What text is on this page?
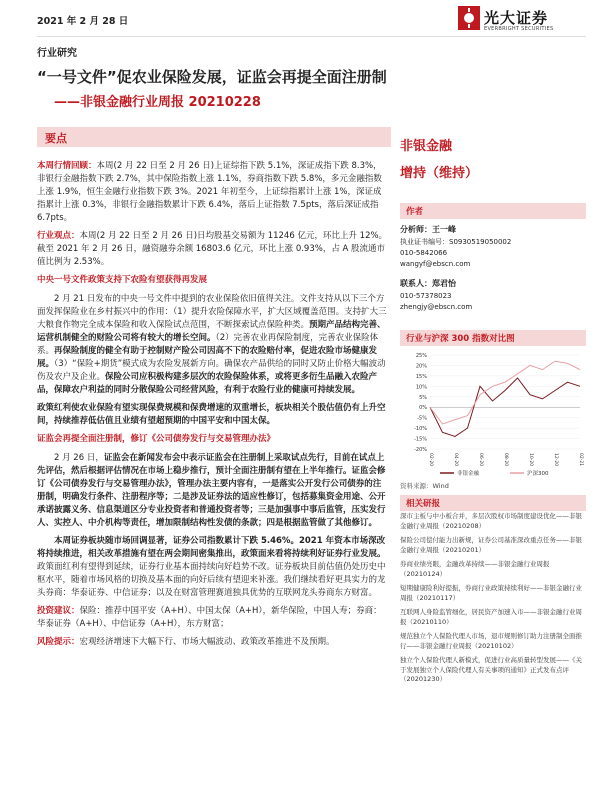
2021 年 2 月 28 日	光大证券
EVERBRIGHT SECURITIES
行业研究
“一号文件”促农业保险发展，证监会再提全面注册制
——非银金融行业周报 20210228
要点

本周行情回顾：本周(2 月 22 日至 2 月 26 日)上证综指下跌 5.1%，深证成指下跌 8.3%，非银行金融指数下跌 2.7%，其中保险指数上涨 1.1%，券商指数下跌 5.8%，多元金融指数上涨 1.9%，恒生金融行业指数下跌 3%。2021 年初至今，上证综指累计上涨 1%，深证成指累计上涨 0.3%，非银行金融指数累计下跌 6.4%，落后上证指数 7.5pts，落后深证成指 6.7pts。

行业观点：本周(2 月 22 日至 2 月 26 日)日均股基交易额为 11246 亿元，环比上升 12%。截至 2021 年 2 月 26 日，融资融券余额 16803.6 亿元，环比上涨 0.93%，占 A 股流通市值比例为 2.53%。

中央一号文件政策支持下农险有望获得再发展

2 月 21 日发布的中央一号文件中提到的农业保险依旧值得关注。文件支持从以下三个方面发挥保险业在乡村振兴中的作用：（1）提升农险保障水平，扩大区域覆盖范围。支持扩大三大粮食作物完全成本保险和收入保险试点范围，不断探索试点保险种类。预期产品结构完善、运营机制健全的财险公司将有较大的增长空间。（2）完善农业再保险制度，完善农业保险体系。再保险制度的健全有助于控制财产险公司因高不下的农险赔付率，促进农险市场健康发展。（3）“保险+期货”模式成为农险发展新方向。确保农产品供给的同时又防止价格大幅波动伤及农户及企业。保险公司应积极构建多层次的农险保险体系，或将更多衍生品融入农险产品，保障农户利益的同时分散保险公司经营风险，有利于农险行业的健康可持续发展。

政策红利使农业保险有望实现保费规模和保费增速的双重增长，板块相关个股估值仍有上升空间，持续推荐低估值且业绩有望超预期的中国平安和中国太保。

证监会再提全面注册制，修订《公司债券发行与交易管理办法》

2 月 26 日，证监会在新闻发布会中表示证监会在注册制上采取试点先行，目前在试点上先评估，然后根据评估情况在市场上稳步推行，预计全面注册制有望在上半年推行。证监会修订《公司债券发行与交易管理办法》，管理办法主要内容有，一是落实公开发行公司债券的注册制，明确发行条件、注册程序等；二是涉及证券法的适应性修订，包括募集资金用途、公开承诺披露义务、信息渠道区分专业投资者和普通投资者等；三是加强事中事后监管，压实发行人、实控人、中介机构等责任，增加限制结构性发债的条款；四是根据监管做了其他修订。

本周证券板块随市场回调显著，证券公司指数累计下跌 5.46%。2021 年资本市场深改将持续推进，相关改革措施有望在两会期间密集推出，政策面来看将持续利好证券行业发展。政策面红利有望得到延续，证券行业基本面持续向好趋势不改。证券板块目前估值仍处历史中枢水平，随着市场风格的切换及基本面的向好后续有望迎来补涨。我们继续看好更具实力的龙头券商：华泰证券、中信证券；以及在财富管理赛道独具优势的互联网龙头券商东方财富。

投资建议：保险：推荐中国平安（A+H）、中国太保（A+H），新华保险，中国人寿；券商：华泰证券（A+H）、中信证券（A+H），东方财富；

风险提示：宏观经济增速下大幅下行、市场大幅波动、政策改革推进不及预期。

非银金融
增持（维持）
作者
分析师：王一峰
执业证书编号：S0930519050002
010-5842066
wangyf@ebscn.com
联系人：郑君怡
010-57378023
zhengjy@ebscn.com
行业与沪深 300 指数对比图
25%
20%
15%
10%
5%
0%
-5%
-10%
-15%
-20%
02-20	04-20	06-20	08-20	10-20	12-20	02-21
非银金融	沪深300
资料来源：Wind
相关研报
深市主板与中小板合并，多层次股权市场制度建设优化——非银金融行业周报（20210208）
保险公司偿付能力出新规，证券公司基准深改重点任务——非银金融行业周报（20210201）
券商业绩亮眼，金融改革持续——非银金融行业周报（20210124）
短期健康险利好提振，券商行业政策持续利好——非银金融行业周报（20210117）
互联网人身险监管细化，居民资产加速入市——非银金融行业周报（20210110）
规范独立个人保险代理人市场，退市规则修订助力注册制全面推行——非银金融行业周报（20210102）
独立个人保险代理人新模式，促进行业高质量转型发展——《关于发展独立个人保险代理人有关事项的通知》正式发布点评（20201230）
